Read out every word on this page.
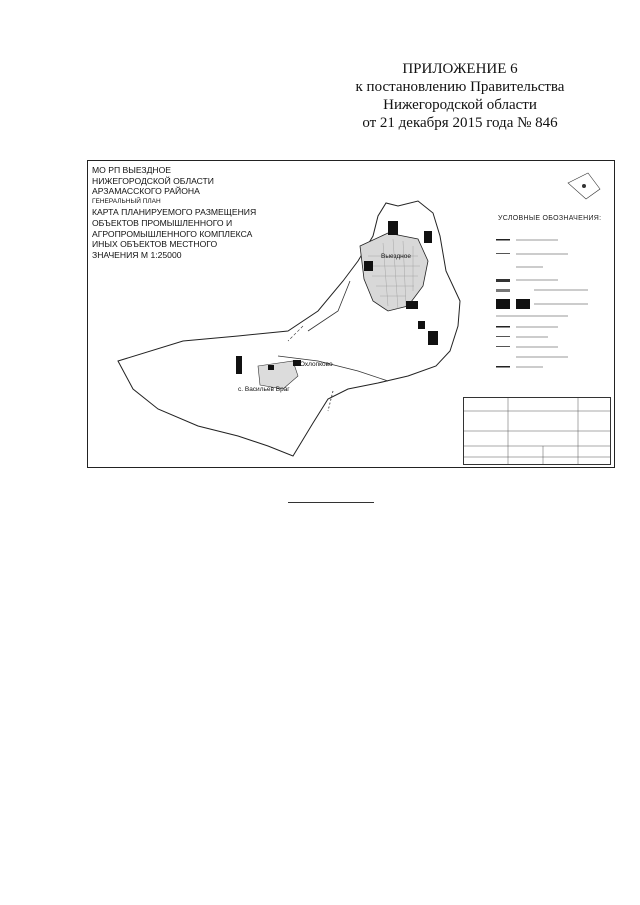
ПРИЛОЖЕНИЕ 6
к постановлению Правительства
Нижегородской области
от 21 декабря 2015 года № 846
МО РП ВЫЕЗДНОЕ
НИЖЕГОРОДСКОЙ ОБЛАСТИ
АРЗАМАССКОГО РАЙОНА
ГЕНЕРАЛЬНЫЙ ПЛАН
КАРТА ПЛАНИРУЕМОГО РАЗМЕЩЕНИЯ
ОБЪЕКТОВ ПРОМЫШЛЕННОГО И
АГРОПРОМЫШЛЕННОГО КОМПЛЕКСА
ИНЫХ ОБЪЕКТОВ МЕСТНОГО
ЗНАЧЕНИЯ М 1:25000
УСЛОВНЫЕ ОБОЗНАЧЕНИЯ:
Выездное
с. Охлопково
с. Васильев Враг
